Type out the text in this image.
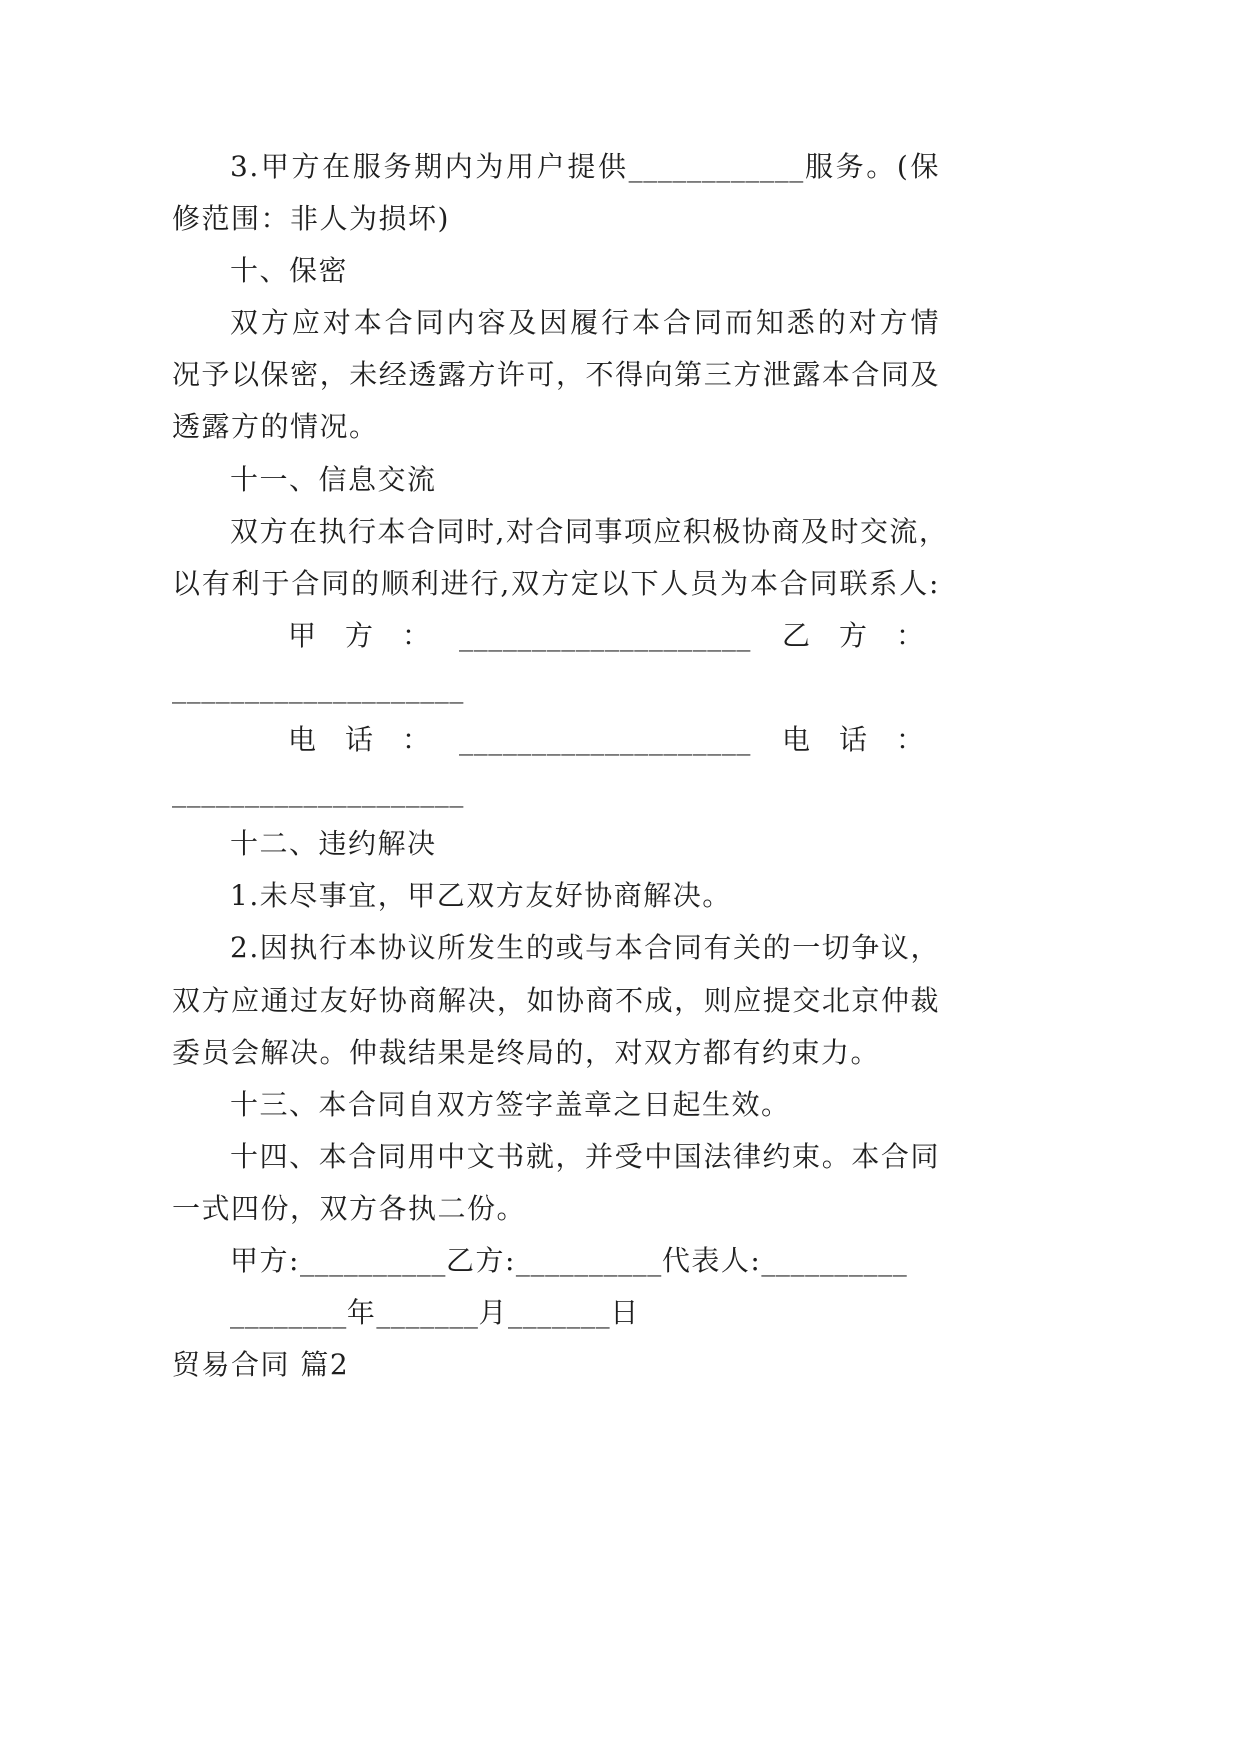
3.甲方在服务期内为用户提供____________服务。(保
修范围：非人为损坏)
十、保密
双方应对本合同内容及因履行本合同而知悉的对方情
况予以保密，未经透露方许可，不得向第三方泄露本合同及
透露方的情况。
十一、信息交流
双方在执行本合同时,对合同事项应积极协商及时交流，
以有利于合同的顺利进行,双方定以下人员为本合同联系人:
甲方：____________________ 乙方：
____________________
电话：____________________ 电话：
____________________
十二、违约解决
1.未尽事宜，甲乙双方友好协商解决。
2.因执行本协议所发生的或与本合同有关的一切争议，
双方应通过友好协商解决，如协商不成，则应提交北京仲裁
委员会解决。仲裁结果是终局的，对双方都有约束力。
十三、本合同自双方签字盖章之日起生效。
十四、本合同用中文书就，并受中国法律约束。本合同
一式四份，双方各执二份。
甲方:__________乙方:__________代表人:__________
________年_______月_______日
贸易合同 篇2
